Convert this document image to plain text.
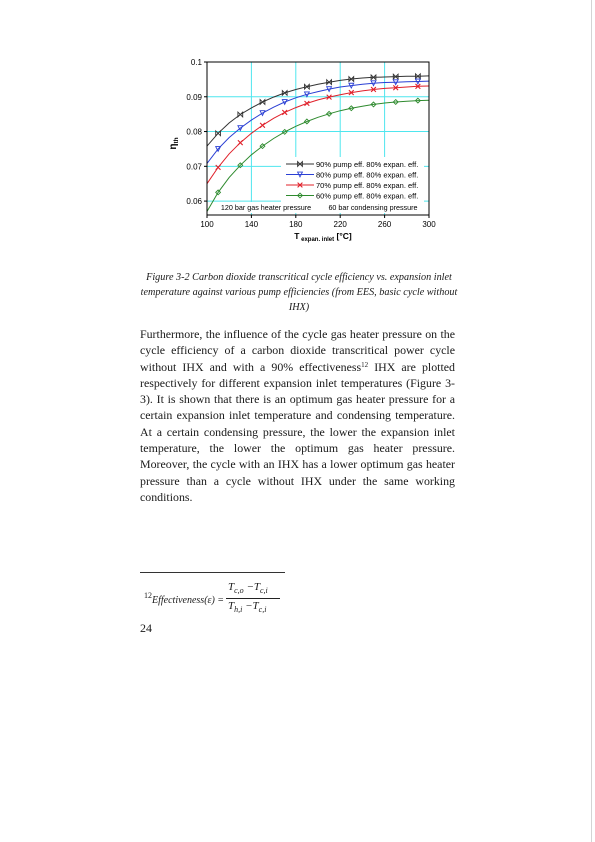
100	140	180	220	260	300
0.06
0.07
0.08
0.09
0.1
T $_{expan. inlet}$ [°C]
$\eta_{th}$
90% pump eff. 80% expan. eff.
80% pump eff. 80% expan. eff.
70% pump eff. 80% expan. eff.
60% pump eff. 80% expan. eff.
120 bar gas heater pressure 60 bar condensing pressure

Figure 3-2 Carbon dioxide transcritical cycle efficiency vs. expansion inlet temperature against various pump efficiencies (from EES, basic cycle without IHX)

Furthermore, the influence of the cycle gas heater pressure on the cycle efficiency of a carbon dioxide transcritical power cycle without IHX and with a 90% effectiveness$^{12}$ IHX are plotted respectively for different expansion inlet temperatures (Figure 3-3). It is shown that there is an optimum gas heater pressure for a certain expansion inlet temperature and condensing temperature. At a certain condensing pressure, the lower the expansion inlet temperature, the lower the optimum gas heater pressure. Moreover, the cycle with an IHX has a lower optimum gas heater pressure than a cycle without IHX under the same working conditions.

12 Effectiveness(ε) =
$T_{c,o} -T_{c,i}$
$T_{h,i} -T_{c,i}$
24
